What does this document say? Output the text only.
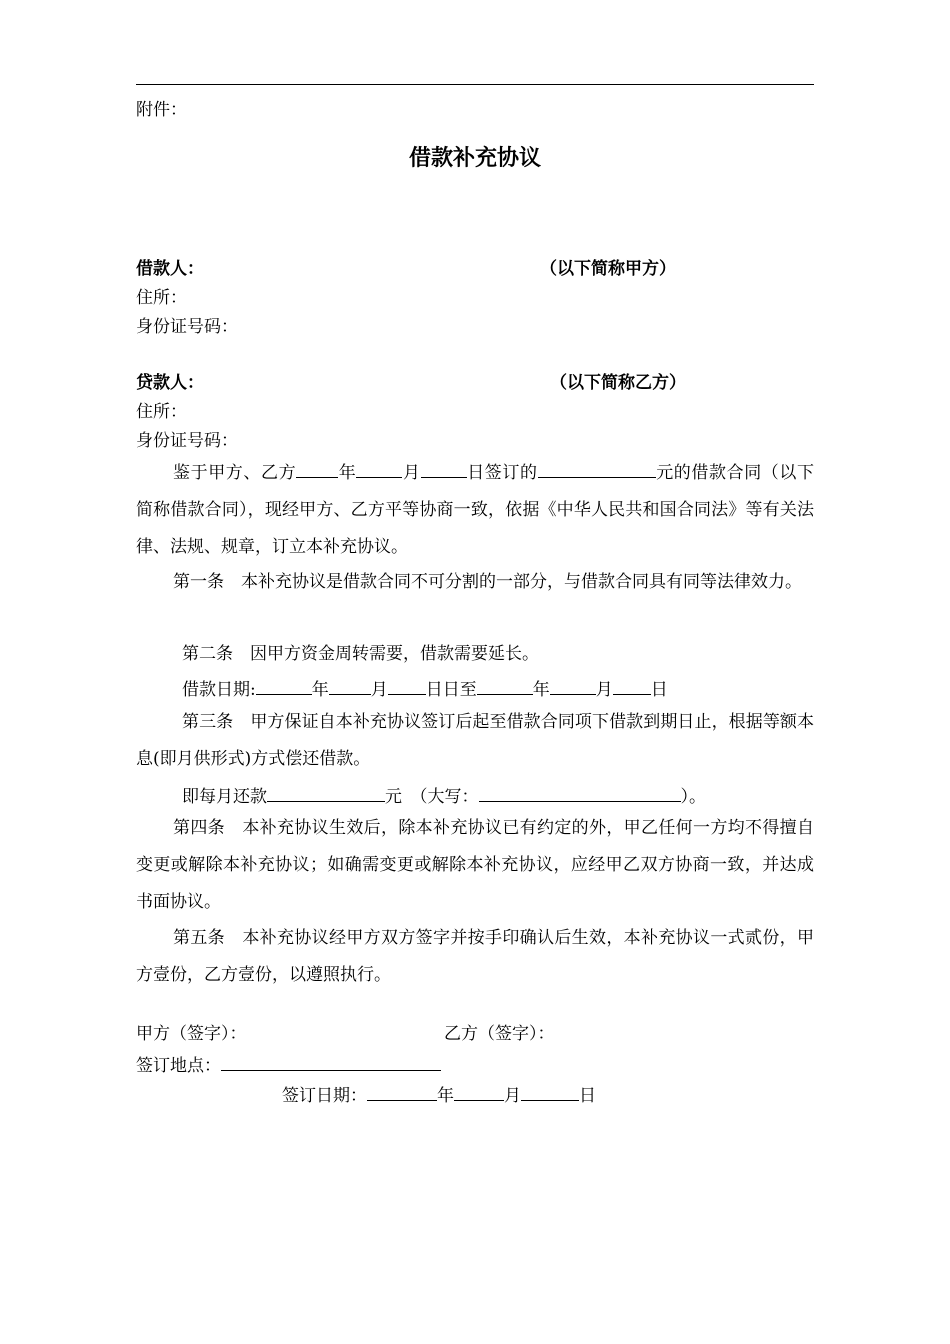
附件：
借款补充协议
借款人：	（以下简称甲方）
住所：
身份证号码：
贷款人：	（以下简称乙方）
住所：
身份证号码：
鉴于甲方、乙方 年	月	日签订的	元的借款合同（以下简称借款合同），现经甲方、乙方平等协商一致，依据《中华人民共和国合同法》等有关法律、法规、规章，订立本补充协议。
第一条　本补充协议是借款合同不可分割的一部分，与借款合同具有同等法律效力。
第二条　因甲方资金周转需要，借款需要延长。
借款日期:	年 月 日日至	年	月 日
第三条　甲方保证自本补充协议签订后起至借款合同项下借款到期日止，根据等额本息(即月供形式)方式偿还借款。
即每月还款	元　（大写：	）。
第四条　本补充协议生效后，除本补充协议已有约定的外，甲乙任何一方均不得擅自变更或解除本补充协议；如确需变更或解除本补充协议，应经甲乙双方协商一致，并达成书面协议。
第五条　本补充协议经甲方双方签字并按手印确认后生效，本补充协议一式贰份，甲方壹份，乙方壹份，以遵照执行。
甲方（签字）：	乙方（签字）：
签订地点：
签订日期：	年	月	日
